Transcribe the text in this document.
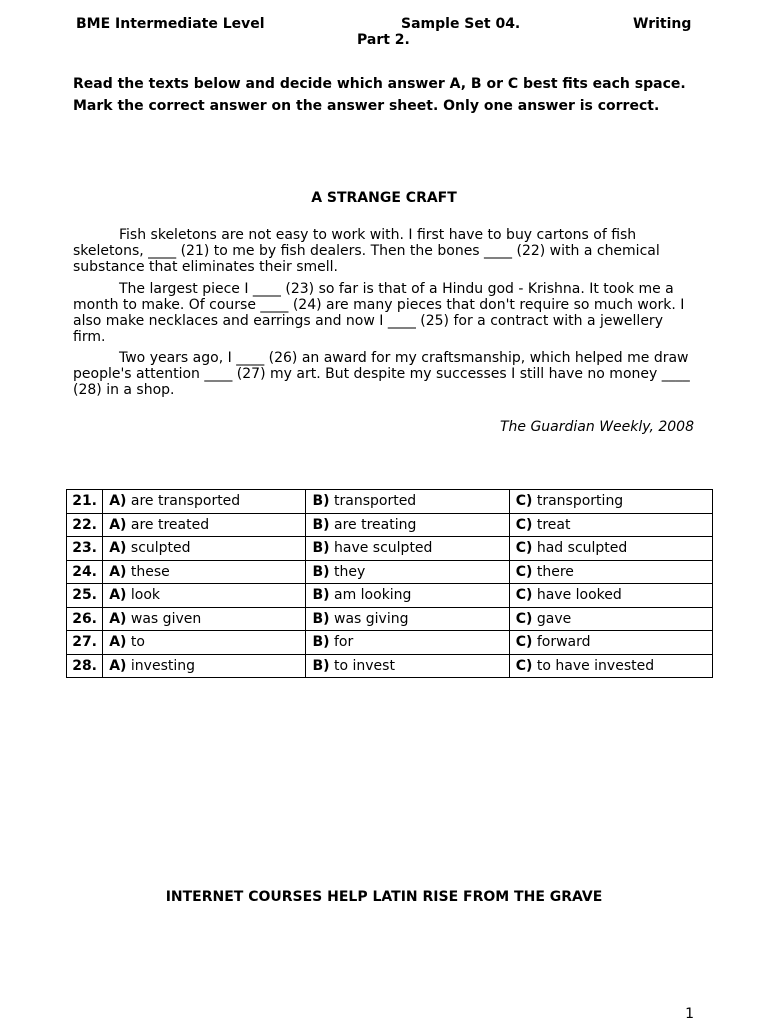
BME Intermediate Level	Sample Set 04.	Writing
Part 2.
Read the texts below and decide which answer A, B or C best fits each space.
Mark the correct answer on the answer sheet. Only one answer is correct.
A STRANGE CRAFT

Fish skeletons are not easy to work with. I first have to buy cartons of fish skeletons, ____ (21) to me by fish dealers. Then the bones ____ (22) with a chemical substance that eliminates their smell.

The largest piece I ____ (23) so far is that of a Hindu god - Krishna. It took me a month to make. Of course ____ (24) are many pieces that don't require so much work. I also make necklaces and earrings and now I ____ (25) for a contract with a jewellery firm.

Two years ago, I ____ (26) an award for my craftsmanship, which helped me draw people's attention ____ (27) my art. But despite my successes I still have no money ____ (28) in a shop.

The Guardian Weekly, 2008
21.	A) are transported	B) transported	C) transporting
22.	A) are treated	B) are treating	C) treat
23.	A) sculpted	B) have sculpted	C) had sculpted
24.	A) these	B) they	C) there
25.	A) look	B) am looking	C) have looked
26.	A) was given	B) was giving	C) gave
27.	A) to	B) for	C) forward
28.	A) investing	B) to invest	C) to have invested
INTERNET COURSES HELP LATIN RISE FROM THE GRAVE
1
